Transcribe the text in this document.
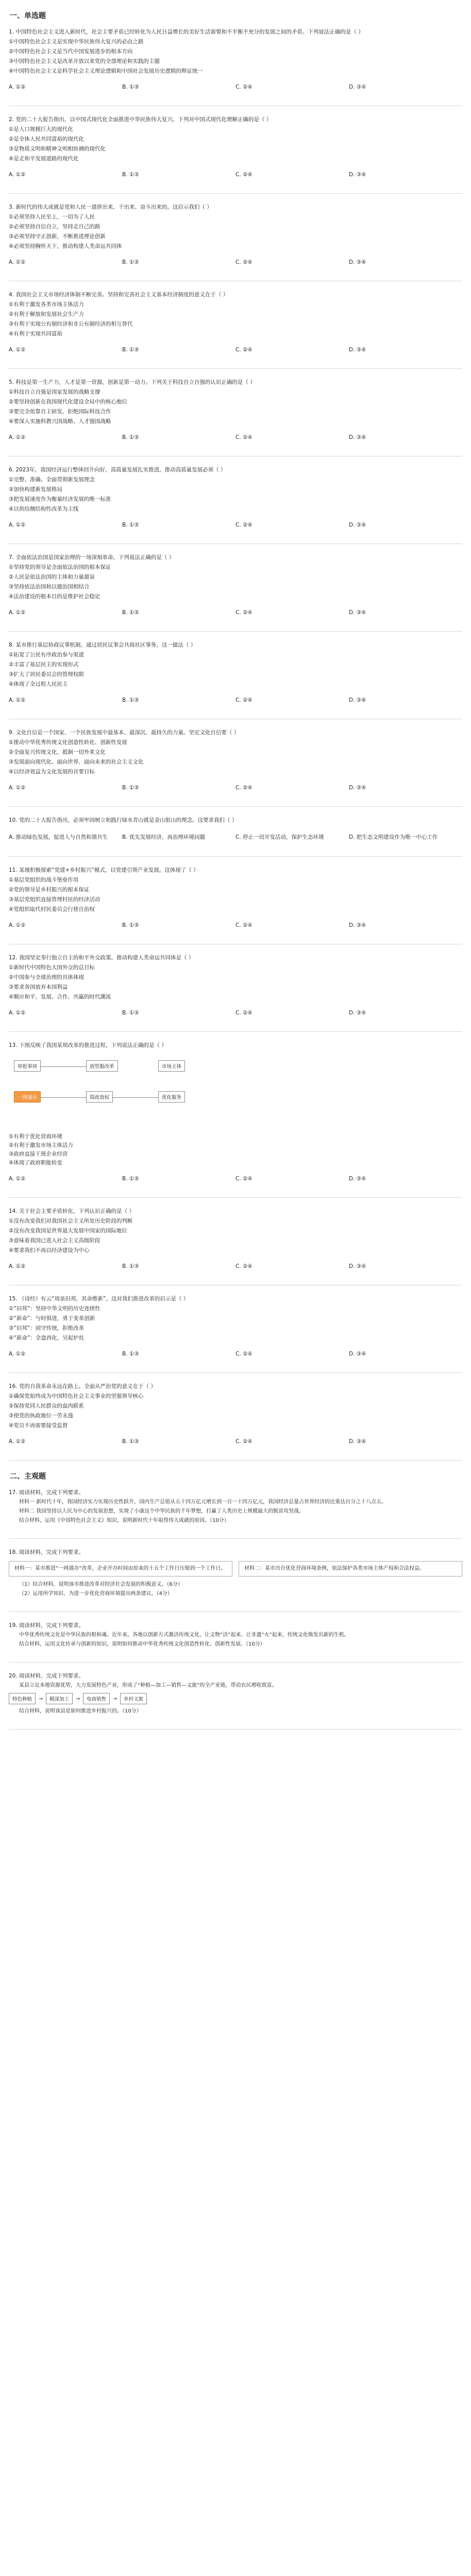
一、单选题
1. 中国特色社会主义进入新时代，社会主要矛盾已经转化为人民日益增长的美好生活需要和不平衡不充分的发展之间的矛盾。下列说法正确的是（ ）
①中国特色社会主义是实现中华民族伟大复兴的必由之路
②中国特色社会主义是当代中国发展进步的根本方向
③中国特色社会主义是改革开放以来党的全部理论和实践的主题
④中国特色社会主义是科学社会主义理论逻辑和中国社会发展历史逻辑的辩证统一
A. ①②	B. ①③	C. ②④	D. ③④
2. 党的二十大报告指出，以中国式现代化全面推进中华民族伟大复兴。下列对中国式现代化理解正确的是（ ）
①是人口规模巨大的现代化
②是全体人民共同富裕的现代化
③是物质文明和精神文明相协调的现代化
④是走和平发展道路的现代化
A. ①②	B. ①③	C. ②④	D. ③④
3. 新时代的伟大成就是党和人民一道拼出来、干出来、奋斗出来的。这启示我们（ ）
①必须坚持人民至上，一切为了人民
②必须坚持自信自立，坚持走自己的路
③必须坚持守正创新，不断推进理论创新
④必须坚持胸怀天下，推动构建人类命运共同体
A. ①②	B. ①③	C. ②④	D. ③④
4. 我国社会主义市场经济体制不断完善。坚持和完善社会主义基本经济制度的意义在于（ ）
①有利于激发各类市场主体活力
②有利于解放和发展社会生产力
③有利于实现公有制经济和非公有制经济的相互替代
④有利于实现共同富裕
A. ①②	B. ①③	C. ②④	D. ③④
5. 科技是第一生产力，人才是第一资源，创新是第一动力。下列关于科技自立自强的认识正确的是（ ）
①科技自立自强是国家发展的战略支撑
②要坚持创新在我国现代化建设全局中的核心地位
③要完全依靠自主研发，拒绝国际科技合作
④要深入实施科教兴国战略、人才强国战略
A. ①②	B. ①③	C. ②④	D. ③④
6. 2023年，我国经济运行整体回升向好，高质量发展扎实推进。推动高质量发展必须（ ）
①完整、准确、全面贯彻新发展理念
②加快构建新发展格局
③把发展速度作为衡量经济发展的唯一标准
④以供给侧结构性改革为主线
A. ①②	B. ①③	C. ②④	D. ③④
7. 全面依法治国是国家治理的一场深刻革命。下列说法正确的是（ ）
①坚持党的领导是全面依法治国的根本保证
②人民是依法治国的主体和力量源泉
③坚持依法治国和以德治国相结合
④法治建设的根本目的是维护社会稳定
A. ①②	B. ①③	C. ②④	D. ③④
8. 某市推行基层协商议事机制，通过居民议事会共商社区事务，这一做法（ ）
①拓宽了公民有序政治参与渠道
②丰富了基层民主的实现形式
③扩大了居民委员会的管理权限
④体现了全过程人民民主
A. ①②	B. ①③	C. ②④	D. ③④
9. 文化自信是一个国家、一个民族发展中最基本、最深沉、最持久的力量。坚定文化自信要（ ）
①推动中华优秀传统文化创造性转化、创新性发展
②全面复兴传统文化，抵制一切外来文化
③发展面向现代化、面向世界、面向未来的社会主义文化
④以经济效益为文化发展的首要目标
A. ①②	B. ①③	C. ②④	D. ③④
10. 党的二十大报告指出，必须牢固树立和践行绿水青山就是金山银山的理念。这要求我们（ ）
A. 推动绿色发展，促进人与自然和谐共生	B. 优先发展经济，再治理环境问题	C. 停止一切开发活动，保护生态环境	D. 把生态文明建设作为唯一中心工作
11. 某地积极探索“党建+乡村振兴”模式，以党建引领产业发展。这体现了（ ）
①基层党组织的战斗堡垒作用
②党的领导是乡村振兴的根本保证
③基层党组织直接管理村民的经济活动
④党组织取代村民委员会行使自治权
A. ①②	B. ①③	C. ②④	D. ③④
12. 我国坚定奉行独立自主的和平外交政策。推动构建人类命运共同体是（ ）
①新时代中国特色大国外交的总目标
②中国参与全球治理的具体体现
③要求各国放弃本国利益
④顺应和平、发展、合作、共赢的时代潮流
A. ①②	B. ①③	C. ②④	D. ③④
13. 下图反映了我国某项改革的推进过程，下列说法正确的是（ ）
审批事项	放管服改革
一网通办	简政放权	优化服务
市场主体
①有利于优化营商环境
②有利于激发市场主体活力
③政府直接干预企业经营
④体现了政府职能转变
A. ①②	B. ①③	C. ②④	D. ③④
14. 关于社会主要矛盾转化，下列认识正确的是（ ）
①没有改变我们对我国社会主义所处历史阶段的判断
②没有改变我国是世界最大发展中国家的国际地位
③意味着我国已进入社会主义高级阶段
④要求我们不再以经济建设为中心
A. ①②	B. ①③	C. ②④	D. ③④
15. 《诗经》有云“周虽旧邦，其命维新”。这对我们推进改革的启示是（ ）
①“旧邦”：坚持中华文明的历史连续性
②“新命”：与时俱进，勇于变革创新
③“旧邦”：固守传统，拒绝改革
④“新命”：全盘西化，另起炉灶
A. ①②	B. ①③	C. ②④	D. ③④
16. 党的自我革命永远在路上。全面从严治党的意义在于（ ）
①确保党始终成为中国特色社会主义事业的坚强领导核心
②保持党同人民群众的血肉联系
③使党的执政地位一劳永逸
④党员不再需要接受监督
A. ①②	B. ①③	C. ②④	D. ③④
二、主观题
17. 阅读材料，完成下列要求。
材料一 新时代十年，我国经济实力实现历史性跃升，国内生产总值从五十四万亿元增长到一百一十四万亿元，我国经济总量占世界经济的比重达百分之十八点五。
材料二 我国坚持以人民为中心的发展思想，实现了小康这个中华民族的千年梦想，打赢了人类历史上规模最大的脱贫攻坚战。
结合材料，运用《中国特色社会主义》知识，说明新时代十年取得伟大成就的原因。（10分）
18. 阅读材料，完成下列要求。
材料一：某市推进“一网通办”改革，企业开办时间由原来的十五个工作日压缩到一个工作日。	材料二：某市出台优化营商环境条例，依法保护各类市场主体产权和合法权益。
（1）结合材料，说明该市推进改革对经济社会发展的积极意义。（6分）
（2）运用所学知识，为进一步优化营商环境提出两条建议。（4分）
19. 阅读材料，完成下列要求。
中华优秀传统文化是中华民族的根和魂。近年来，各地以创新方式激活传统文化，让文物“活”起来、让非遗“火”起来，传统文化焕发出新的生机。
结合材料，运用文化传承与创新的知识，说明如何推动中华优秀传统文化创造性转化、创新性发展。（10分）
20. 阅读材料，完成下列要求。
某县立足本地资源优势，大力发展特色产业，形成了“种植—加工—销售—文旅”的全产业链，带动农民增收致富。
特色种植	→	精深加工	→	电商销售	→	乡村文旅
结合材料，说明该县是如何推进乡村振兴的。（10分）
